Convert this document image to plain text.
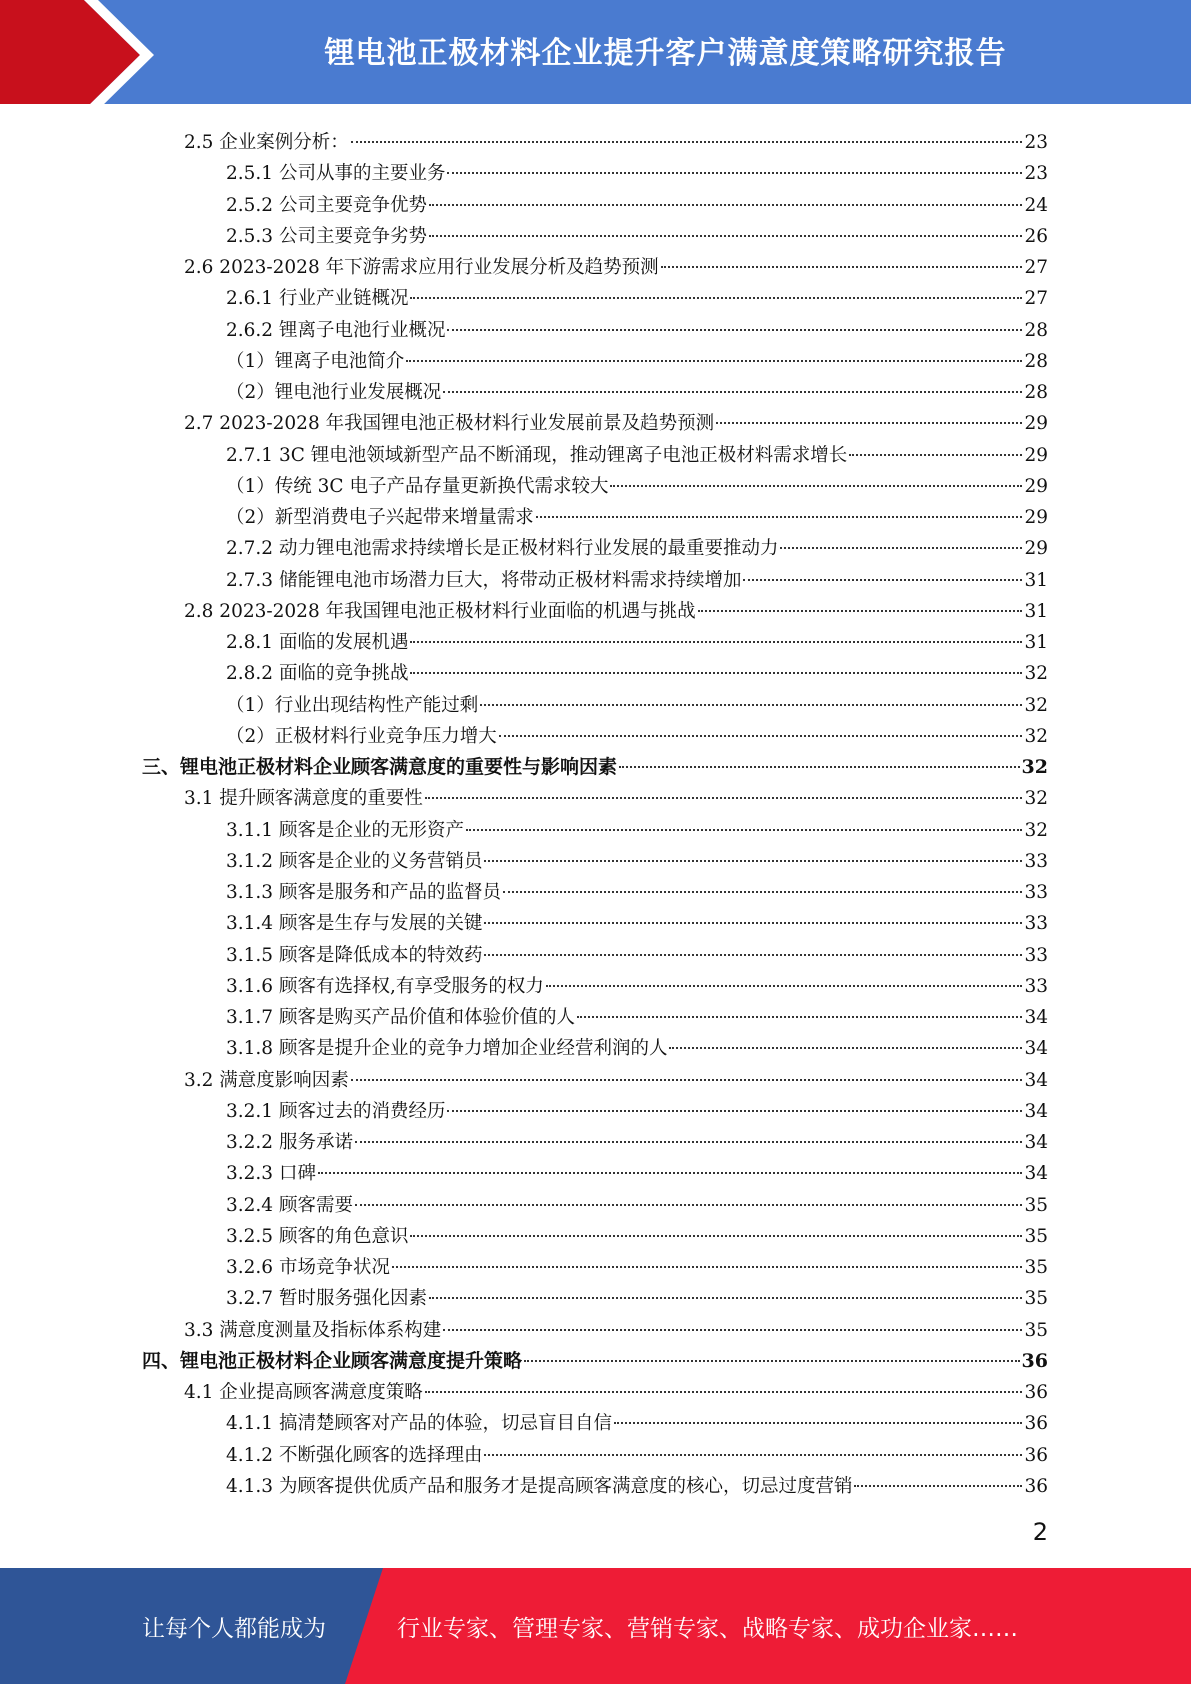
锂电池正极材料企业提升客户满意度策略研究报告
2.5 企业案例分析：	23
2.5.1 公司从事的主要业务	23
2.5.2 公司主要竞争优势	24
2.5.3 公司主要竞争劣势	26
2.6 2023-2028 年下游需求应用行业发展分析及趋势预测	27
2.6.1 行业产业链概况	27
2.6.2 锂离子电池行业概况	28
（1）锂离子电池简介	28
（2）锂电池行业发展概况	28
2.7 2023-2028 年我国锂电池正极材料行业发展前景及趋势预测	29
2.7.1 3C 锂电池领域新型产品不断涌现，推动锂离子电池正极材料需求增长	29
（1）传统 3C 电子产品存量更新换代需求较大	29
（2）新型消费电子兴起带来增量需求	29
2.7.2 动力锂电池需求持续增长是正极材料行业发展的最重要推动力	29
2.7.3 储能锂电池市场潜力巨大，将带动正极材料需求持续增加	31
2.8 2023-2028 年我国锂电池正极材料行业面临的机遇与挑战	31
2.8.1 面临的发展机遇	31
2.8.2 面临的竞争挑战	32
（1）行业出现结构性产能过剩	32
（2）正极材料行业竞争压力增大	32
三、锂电池正极材料企业顾客满意度的重要性与影响因素	32
3.1 提升顾客满意度的重要性	32
3.1.1 顾客是企业的无形资产	32
3.1.2 顾客是企业的义务营销员	33
3.1.3 顾客是服务和产品的监督员	33
3.1.4 顾客是生存与发展的关键	33
3.1.5 顾客是降低成本的特效药	33
3.1.6 顾客有选择权,有享受服务的权力	33
3.1.7 顾客是购买产品价值和体验价值的人	34
3.1.8 顾客是提升企业的竞争力增加企业经营利润的人	34
3.2 满意度影响因素	34
3.2.1 顾客过去的消费经历	34
3.2.2 服务承诺	34
3.2.3 口碑	34
3.2.4 顾客需要	35
3.2.5 顾客的角色意识	35
3.2.6 市场竞争状况	35
3.2.7 暂时服务强化因素	35
3.3 满意度测量及指标体系构建	35
四、锂电池正极材料企业顾客满意度提升策略	36
4.1 企业提高顾客满意度策略	36
4.1.1 搞清楚顾客对产品的体验，切忌盲目自信	36
4.1.2 不断强化顾客的选择理由	36
4.1.3 为顾客提供优质产品和服务才是提高顾客满意度的核心，切忌过度营销	36
2
让每个人都能成为	行业专家、管理专家、营销专家、战略专家、成功企业家……
